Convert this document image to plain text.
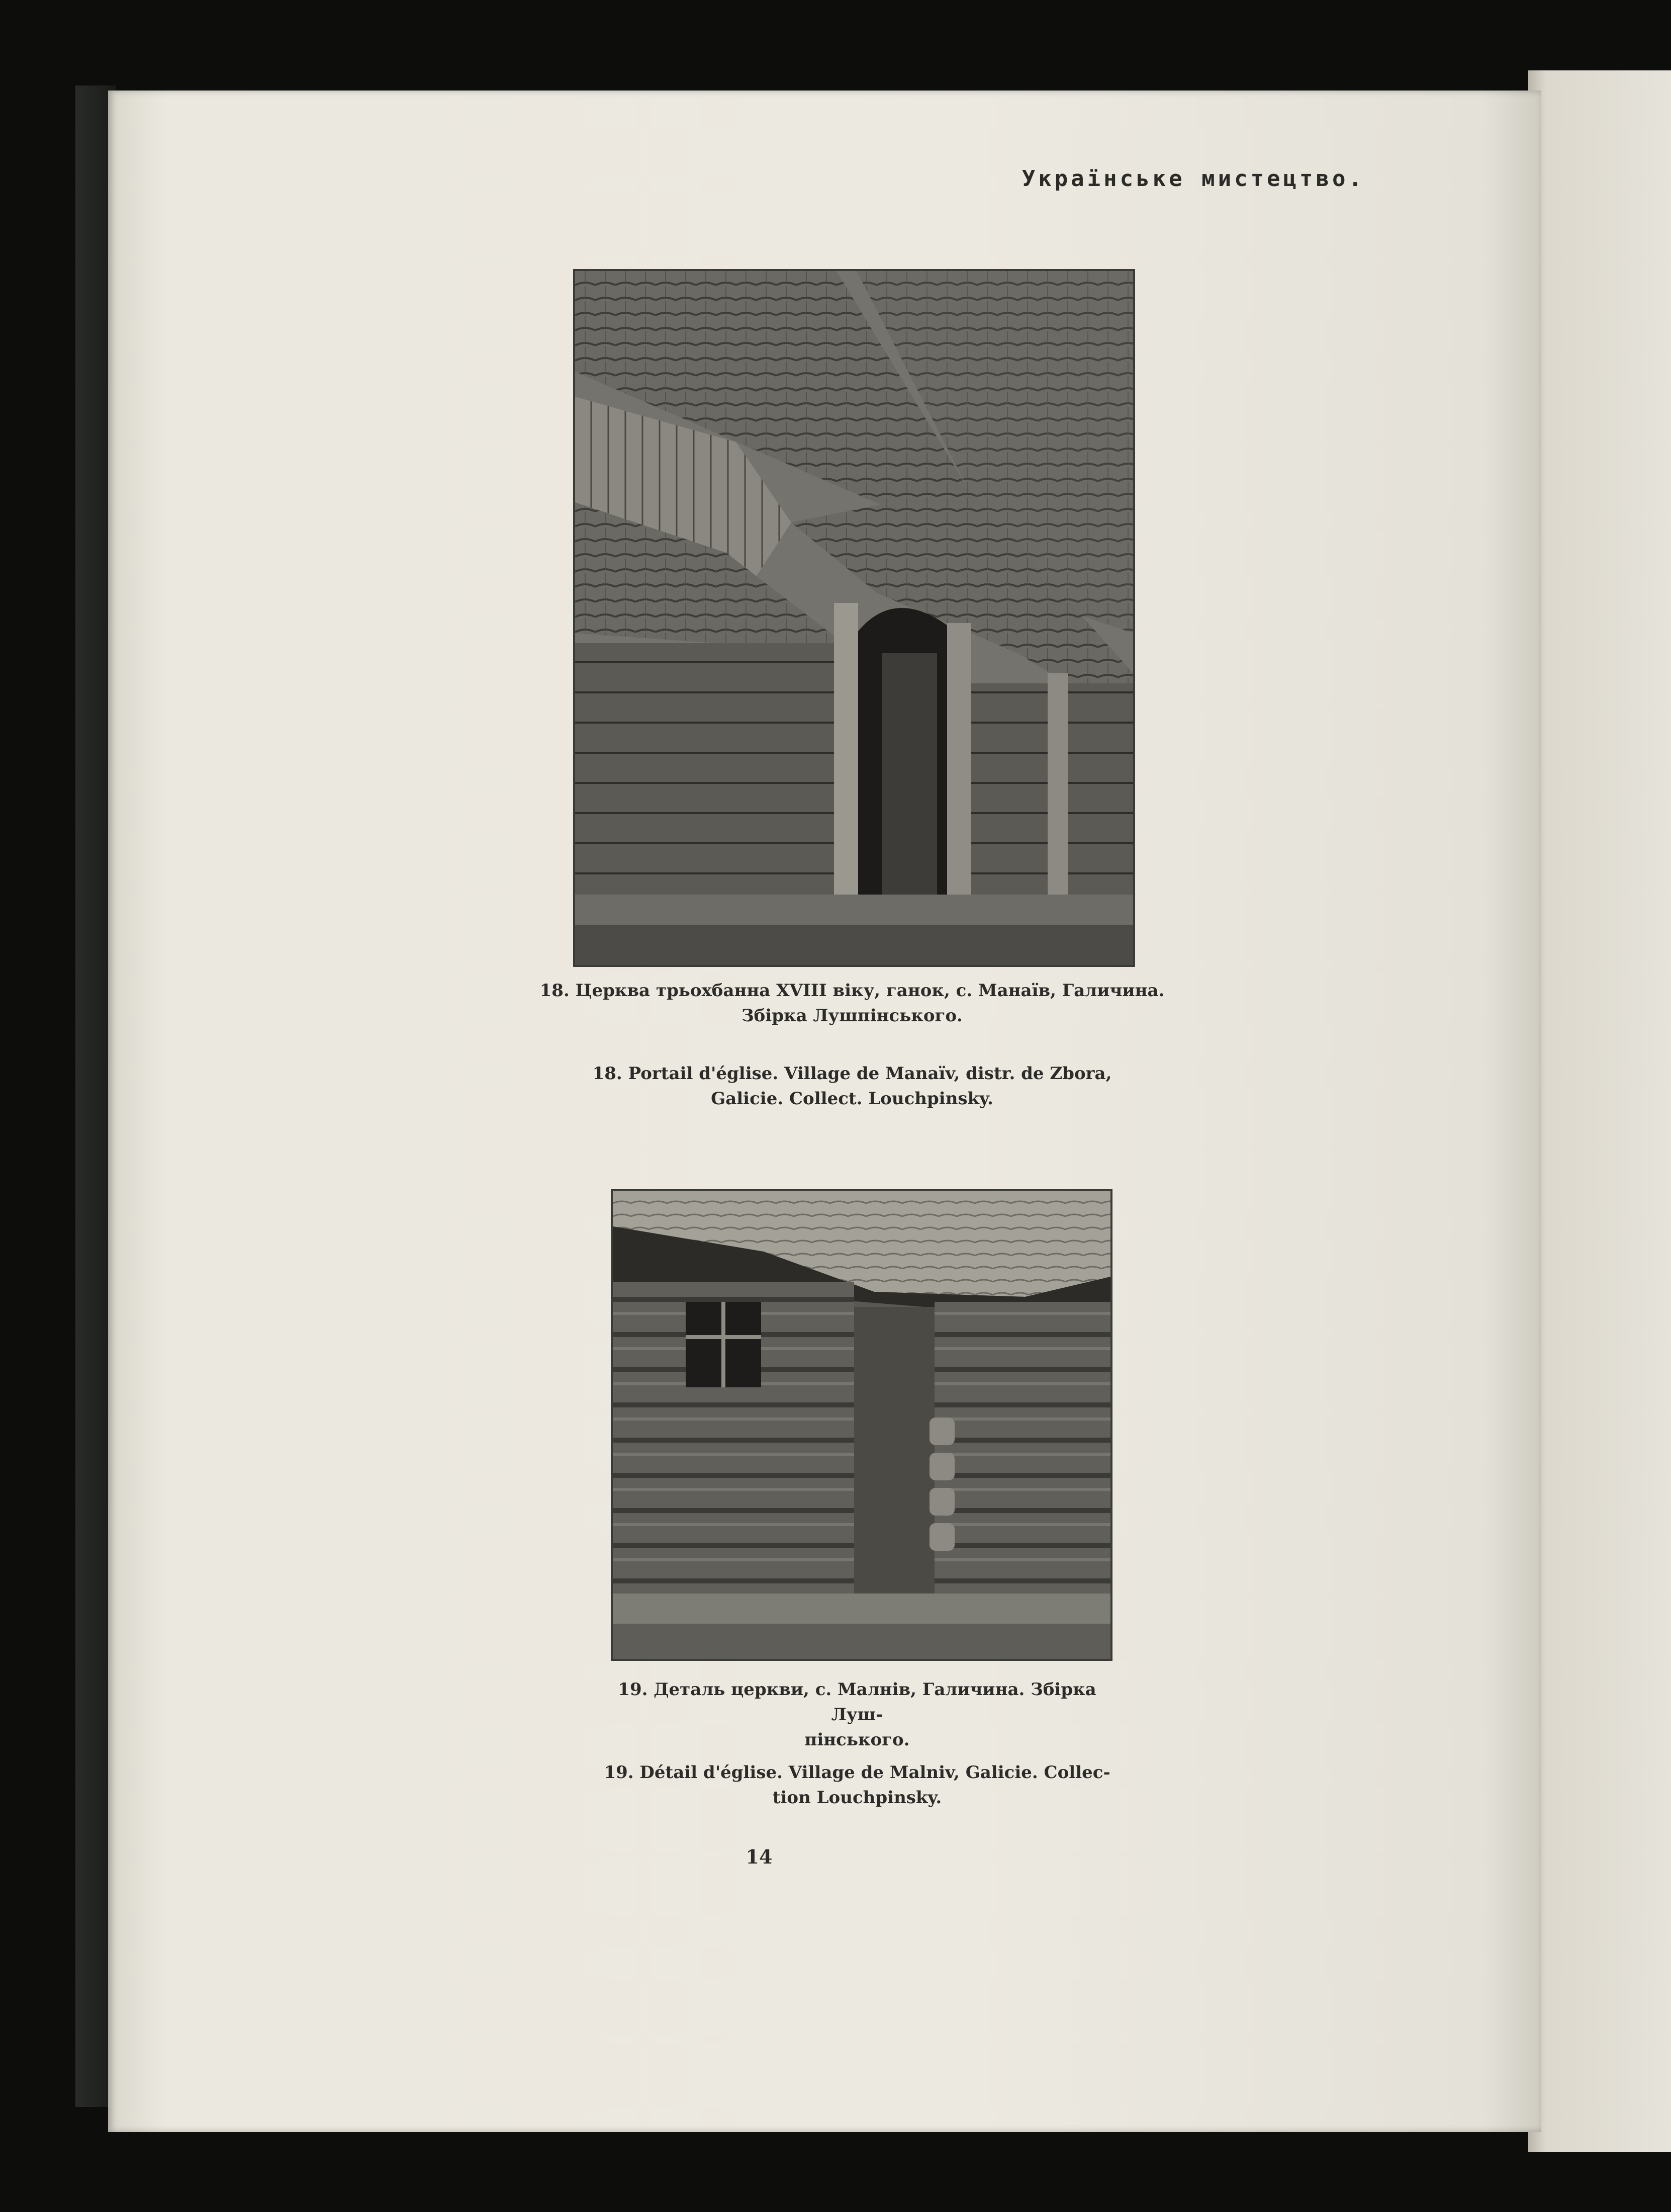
Українське мистецтво.
18. Церква трьохбанна XVIII віку, ганок, с. Манаїв, Галичина.
Збірка Лушпінського.
18. Portail d'église. Village de Manaïv, distr. de Zbora,
Galicie. Collect. Louchpinsky.
19. Деталь церкви, с. Малнів, Галичина. Збірка Луш-
пінського.
19. Détail d'église. Village de Malniv, Galicie. Collec-
tion Louchpinsky.
14
